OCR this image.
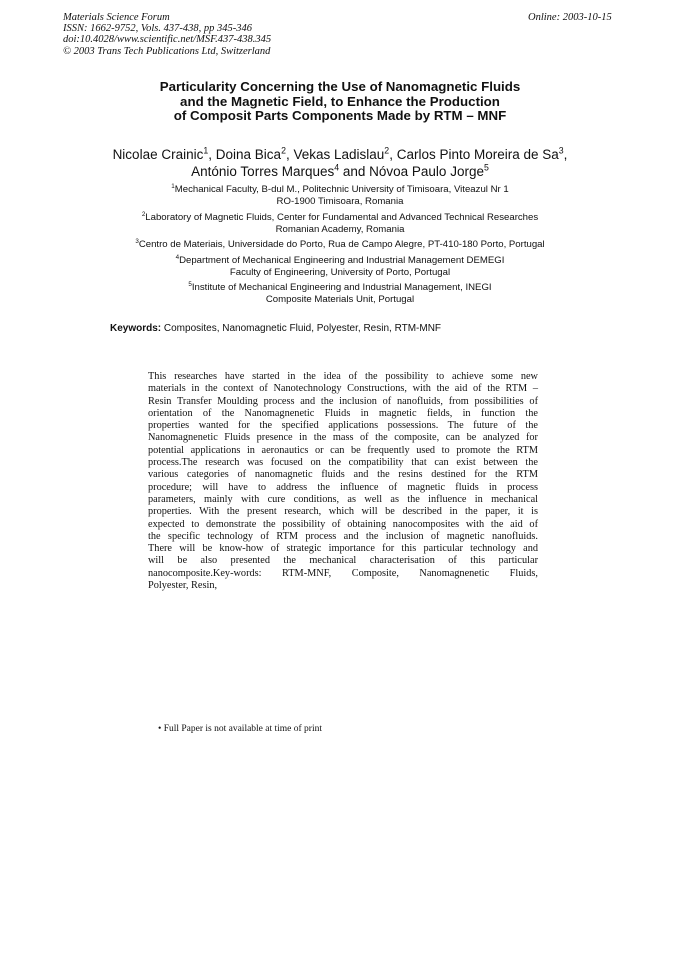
Materials Science Forum
ISSN: 1662-9752, Vols. 437-438, pp 345-346
doi:10.4028/www.scientific.net/MSF.437-438.345
© 2003 Trans Tech Publications Ltd, Switzerland
Online: 2003-10-15
Particularity Concerning the Use of Nanomagnetic Fluids
and the Magnetic Field, to Enhance the Production
of Composit Parts Components Made by RTM – MNF
Nicolae Crainic$^1$, Doina Bica$^2$, Vekas Ladislau$^2$, Carlos Pinto Moreira de Sa$^3$,
António Torres Marques$^4$ and Nóvoa Paulo Jorge$^5$
$^1$Mechanical Faculty, B-dul M., Politechnic University of Timisoara, Viteazul Nr 1
RO-1900 Timisoara, Romania
$^2$Laboratory of Magnetic Fluids, Center for Fundamental and Advanced Technical Researches
Romanian Academy, Romania
$^3$Centro de Materiais, Universidade do Porto, Rua de Campo Alegre, PT-410-180 Porto, Portugal
$^4$Department of Mechanical Engineering and Industrial Management DEMEGI
Faculty of Engineering, University of Porto, Portugal
$^5$Institute of Mechanical Engineering and Industrial Management, INEGI
Composite Materials Unit, Portugal
Keywords: Composites, Nanomagnetic Fluid, Polyester, Resin, RTM-MNF
This researches have started in the idea of the possibility to achieve some new
materials in the context of Nanotechnology Constructions, with the aid of the RTM –
Resin Transfer Moulding process and the inclusion of nanofluids, from possibilities of
orientation of the Nanomagnenetic Fluids in magnetic fields, in function the
properties wanted for the specified applications possessions. The future of the
Nanomagnenetic Fluids presence in the mass of the composite, can be analyzed for
potential applications in aeronautics or can be frequently used to promote the RTM
process.The research was focused on the compatibility that can exist between the
various categories of nanomagnetic fluids and the resins destined for the RTM
procedure; will have to address the influence of magnetic fluids in process
parameters, mainly with cure conditions, as well as the influence in mechanical
properties. With the present research, which will be described in the paper, it is
expected to demonstrate the possibility of obtaining nanocomposites with the aid of
the specific technology of RTM process and the inclusion of magnetic nanofluids.
There will be know-how of strategic importance for this particular technology and
will be also presented the mechanical characterisation of this particular
nanocomposite.Key-words: RTM-MNF, Composite, Nanomagnenetic Fluids,
Polyester, Resin,
• Full Paper is not available at time of print
